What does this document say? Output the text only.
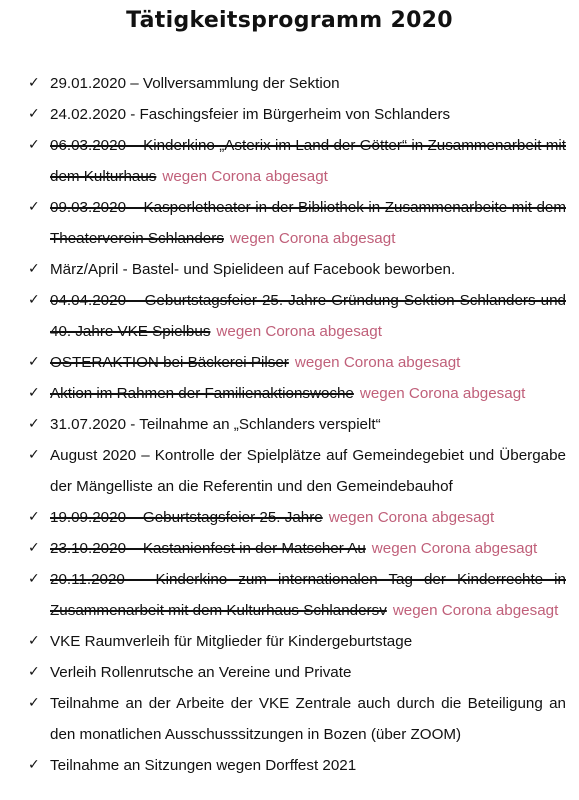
Tätigkeitsprogramm 2020
✓ 29.01.2020 – Vollversammlung der Sektion
✓ 24.02.2020 - Faschingsfeier im Bürgerheim von Schlanders
✓ 06.03.2020 – Kinderkino „Asterix im Land der Götter“ in Zusammenarbeit mit dem Kulturhaus wegen Corona abgesagt
✓ 09.03.2020 – Kasperletheater in der Bibliothek in Zusammenarbeite mit dem Theaterverein Schlanders wegen Corona abgesagt
✓ März/April - Bastel- und Spielideen auf Facebook beworben.
✓ 04.04.2020 – Geburtstagsfeier 25. Jahre Gründung Sektion Schlanders und 40. Jahre VKE Spielbus wegen Corona abgesagt
✓ OSTERAKTION bei Bäckerei Pilser wegen Corona abgesagt
✓ Aktion im Rahmen der Familienaktionswoche wegen Corona abgesagt
✓ 31.07.2020 - Teilnahme an „Schlanders verspielt“
✓ August 2020 – Kontrolle der Spielplätze auf Gemeindegebiet und Übergabe der Mängelliste an die Referentin und den Gemeindebauhof
✓ 19.09.2020 – Geburtstagsfeier 25. Jahre wegen Corona abgesagt
✓ 23.10.2020 – Kastanienfest in der Matscher Au wegen Corona abgesagt
✓ 20.11.2020 – Kinderkino zum internationalen Tag der Kinderrechte in Zusammenarbeit mit dem Kulturhaus Schlandersv wegen Corona abgesagt
✓ VKE Raumverleih für Mitglieder für Kindergeburtstage
✓ Verleih Rollenrutsche an Vereine und Private
✓ Teilnahme an der Arbeite der VKE Zentrale auch durch die Beteiligung an den monatlichen Ausschusssitzungen in Bozen (über ZOOM)
✓ Teilnahme an Sitzungen wegen Dorffest 2021
